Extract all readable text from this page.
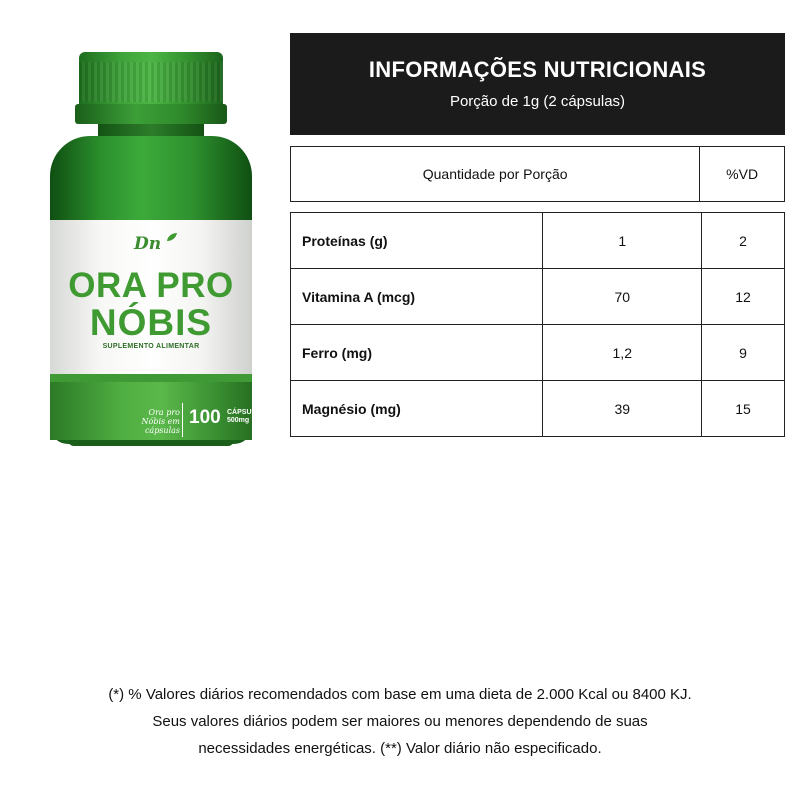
Dn
ORA PRO
NÓBIS
SUPLEMENTO ALIMENTAR
Ora pro Nóbis em cápsulas
100 CÁPSULAS
500mg
INFORMAÇÕES NUTRICIONAIS
Porção de 1g (2 cápsulas)
Quantidade por Porção	%VD
Proteínas (g)	1	2
Vitamina A (mcg)	70	12
Ferro (mg)	1,2	9
Magnésio (mg)	39	15
(*) % Valores diários recomendados com base em uma dieta de 2.000 Kcal ou 8400 KJ.
Seus valores diários podem ser maiores ou menores dependendo de suas
necessidades energéticas. (**) Valor diário não especificado.
